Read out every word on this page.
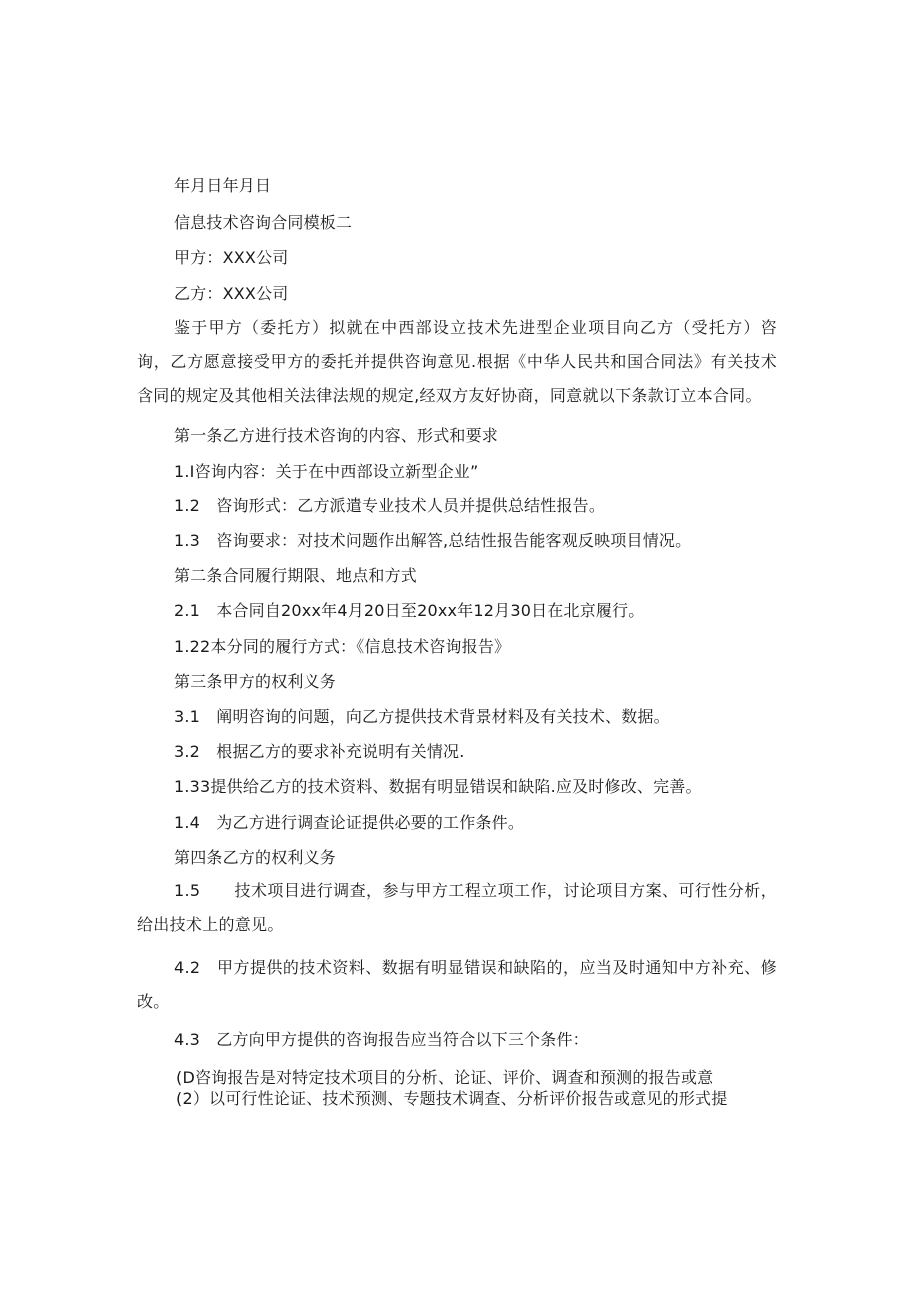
年月日年月日
信息技术咨询合同模板二
甲方：XXX公司
乙方：XXX公司
鉴于甲方（委托方）拟就在中西部设立技术先进型企业项目向乙方（受托方）咨询，乙方愿意接受甲方的委托并提供咨询意见.根据《中华人民共和国合同法》有关技术含同的规定及其他相关法律法规的规定,经双方友好协商，同意就以下条款订立本合同。
第一条乙方进行技术咨询的内容、形式和要求
1.I咨询内容：关于在中西部设立新型企业”
1.2　咨询形式：乙方派遣专业技术人员并提供总结性报告。
1.3　咨询要求：对技术问题作出解答,总结性报告能客观反映项目情况。
第二条合同履行期限、地点和方式
2.1　本合同自20xx年4月20日至20xx年12月30日在北京履行。
1.22本分同的履行方式：《信息技术咨询报告》
第三条甲方的权利义务
3.1　阐明咨询的问题，向乙方提供技术背景材料及有关技术、数据。
3.2　根据乙方的要求补充说明有关情况.
1.33提供给乙方的技术资料、数据有明显错误和缺陷.应及时修改、完善。
1.4　为乙方进行调查论证提供必要的工作条件。
第四条乙方的权利义务
1.5 技术项目进行调查，参与甲方工程立项工作，讨论项目方案、可行性分析，给出技术上的意见。
4.2　甲方提供的技术资料、数据有明显错误和缺陷的，应当及时通知中方补充、修改。
4.3　乙方向甲方提供的咨询报告应当符合以下三个条件：
(D咨询报告是对特定技术项目的分析、论证、评价、调查和预测的报告或意
(2）以可行性论证、技术预测、专题技术调查、分析评价报告或意见的形式提
